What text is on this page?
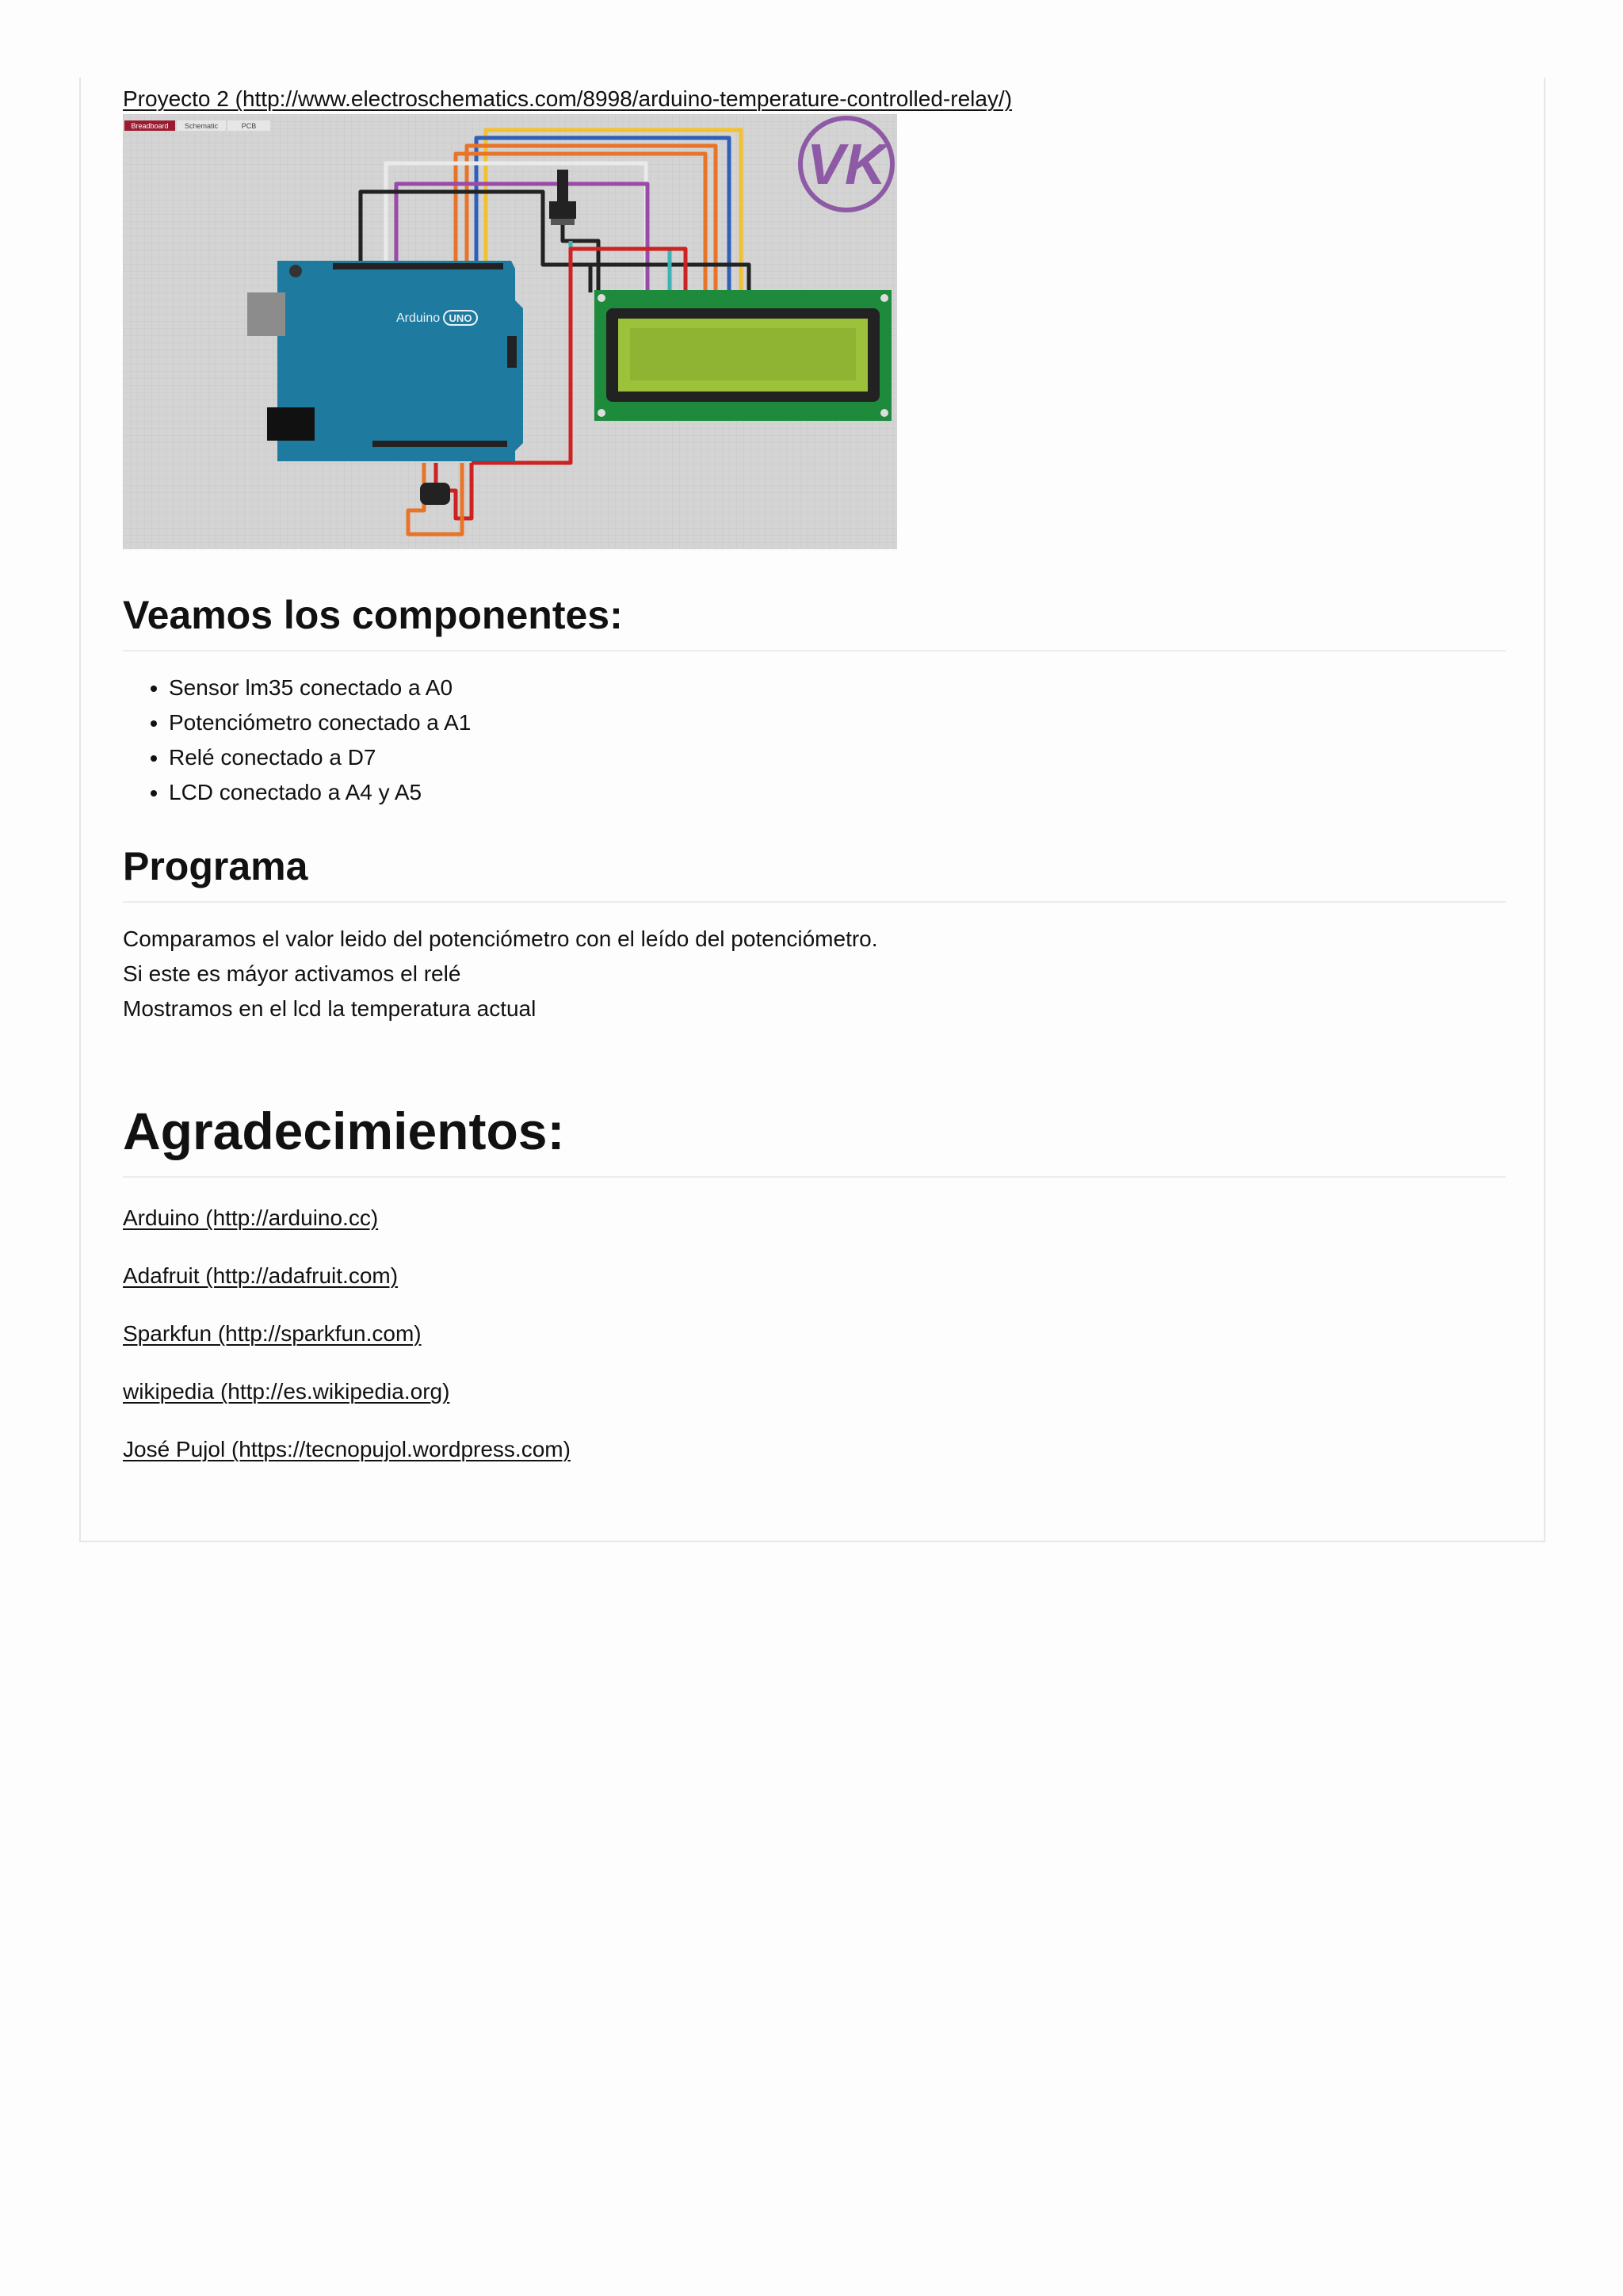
Proyecto 2 (http://www.electroschematics.com/8998/arduino-temperature-controlled-relay/)
Breadboard Schematic	PCB
VK
Arduino UNO
Veamos los componentes:
• Sensor lm35 conectado a A0
• Potenciómetro conectado a A1
• Relé conectado a D7
• LCD conectado a A4 y A5
Programa
Comparamos el valor leido del potenciómetro con el leído del potenciómetro.
Si este es máyor activamos el relé
Mostramos en el lcd la temperatura actual
Agradecimientos:
Arduino (http://arduino.cc)
Adafruit (http://adafruit.com)
Sparkfun (http://sparkfun.com)
wikipedia (http://es.wikipedia.org)
José Pujol (https://tecnopujol.wordpress.com)
